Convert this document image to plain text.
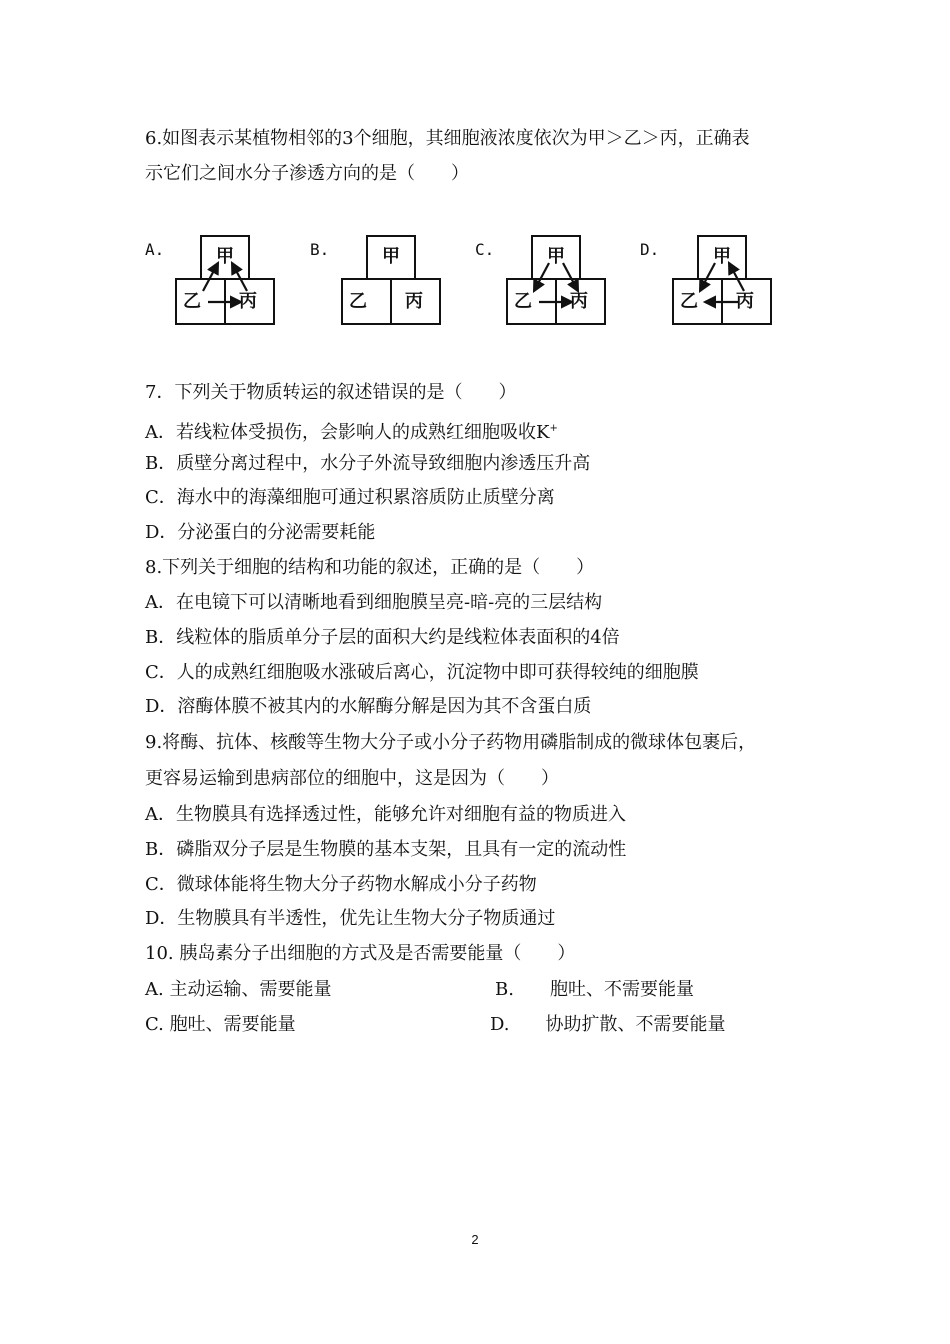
6.如图表示某植物相邻的3个细胞，其细胞液浓度依次为甲＞乙＞丙，正确表
示它们之间水分子渗透方向的是（　　）
A.	甲
乙 丙
B.	甲
乙 丙
C.	甲
乙 丙
D.	甲
乙 丙
7．下列关于物质转运的叙述错误的是（　　）
A．若线粒体受损伤，会影响人的成熟红细胞吸收K+
B．质壁分离过程中，水分子外流导致细胞内渗透压升高
C．海水中的海藻细胞可通过积累溶质防止质壁分离
D．分泌蛋白的分泌需要耗能
8.下列关于细胞的结构和功能的叙述，正确的是（　　）
A．在电镜下可以清晰地看到细胞膜呈亮-暗-亮的三层结构
B．线粒体的脂质单分子层的面积大约是线粒体表面积的4倍
C．人的成熟红细胞吸水涨破后离心，沉淀物中即可获得较纯的细胞膜
D．溶酶体膜不被其内的水解酶分解是因为其不含蛋白质
9.将酶、抗体、核酸等生物大分子或小分子药物用磷脂制成的微球体包裹后，
更容易运输到患病部位的细胞中，这是因为（　　）
A．生物膜具有选择透过性，能够允许对细胞有益的物质进入
B．磷脂双分子层是生物膜的基本支架，且具有一定的流动性
C．微球体能将生物大分子药物水解成小分子药物
D．生物膜具有半透性，优先让生物大分子物质通过
10. 胰岛素分子出细胞的方式及是否需要能量（　　）
A. 主动运输、需要能量	B.　　胞吐、不需要能量
C. 胞吐、需要能量	D.　　协助扩散、不需要能量
2
